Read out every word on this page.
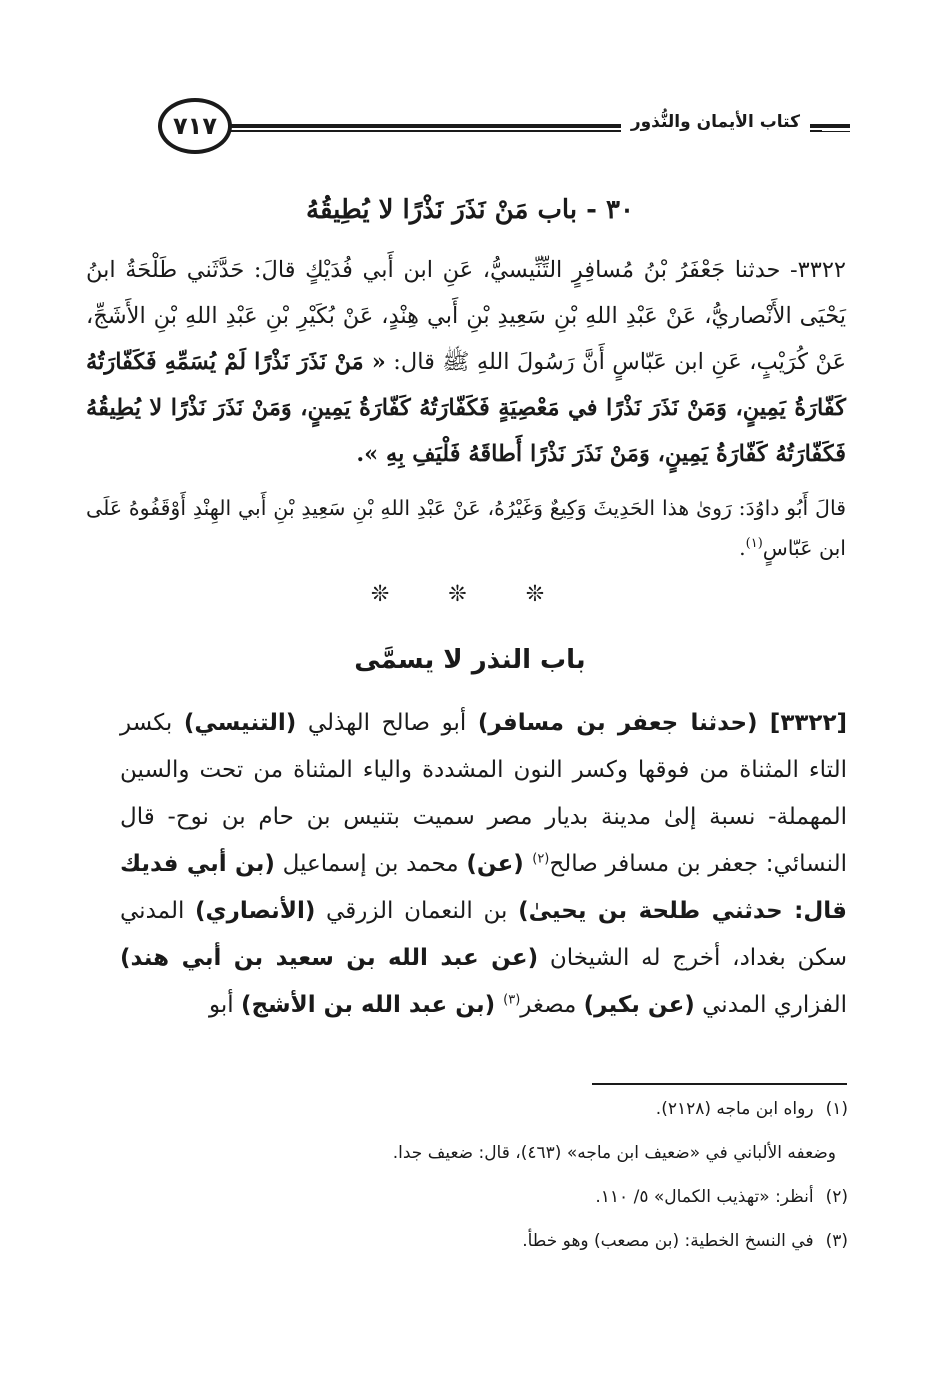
كتاب الأيمان والنُّذور
٧١٧
٣٠ - باب مَنْ نَذَرَ نَذْرًا لا يُطِيقُهُ
٣٣٢٢- حدثنا جَعْفَرُ بْنُ مُسافِرٍ التِّنِّيسيُّ، عَنِ ابن أَبي فُدَيْكٍ قالَ: حَدَّثَني طَلْحَةُ ابنُ يَحْيَى الأَنْصاريُّ، عَنْ عَبْدِ اللهِ بْنِ سَعِيدِ بْنِ أَبي هِنْدٍ، عَنْ بُكَيْرِ بْنِ عَبْدِ اللهِ بْنِ الأَشَجِّ، عَنْ كُرَيْبٍ، عَنِ ابن عَبّاسٍ أَنَّ رَسُولَ اللهِ ﷺ قال: « مَنْ نَذَرَ نَذْرًا لَمْ يُسَمِّهِ فَكَفّارَتُهُ كَفّارَةُ يَمِينٍ، وَمَنْ نَذَرَ نَذْرًا في مَعْصِيَةٍ فَكَفّارَتُهُ كَفّارَةُ يَمِينٍ، وَمَنْ نَذَرَ نَذْرًا لا يُطِيقُهُ فَكَفّارَتُهُ كَفّارَةُ يَمِينٍ، وَمَنْ نَذَرَ نَذْرًا أَطاقَهُ فَلْيَفِ بِهِ ».
قالَ أَبُو داوُدَ: رَوىٰ هذا الحَدِيثَ وَكِيعٌ وَغَيْرُهُ، عَنْ عَبْدِ اللهِ بْنِ سَعِيدِ بْنِ أَبي الهِنْدِ أَوْقَفُوهُ عَلَى ابن عَبّاسٍ$^{(١)}$.
❊ ❊ ❊
باب النذر لا يسمَّى
[٣٣٢٢] (حدثنا جعفر بن مسافر) أبو صالح الهذلي (التنيسي) بكسر التاء المثناة من فوقها وكسر النون المشددة والياء المثناة من تحت والسين المهملة- نسبة إلىٰ مدينة بديار مصر سميت بتنيس بن حام بن نوح- قال النسائي: جعفر بن مسافر صالح$^{(٢)}$ (عن) محمد بن إسماعيل (بن أبي فديك قال: حدثني طلحة بن يحيىٰ) بن النعمان الزرقي (الأنصاري) المدني سكن بغداد، أخرج له الشيخان (عن عبد الله بن سعيد بن أبي هند) الفزاري المدني (عن بكير) مصغر$^{(٣)}$ (بن عبد الله بن الأشج) أبو
(١)رواه ابن ماجه (٢١٢٨).
وضعفه الألباني في «ضعيف ابن ماجه» (٤٦٣)، قال: ضعيف جدا.
(٢)أنظر: «تهذيب الكمال» ٥/ ١١٠.
(٣)في النسخ الخطية: (بن مصعب) وهو خطأ.
